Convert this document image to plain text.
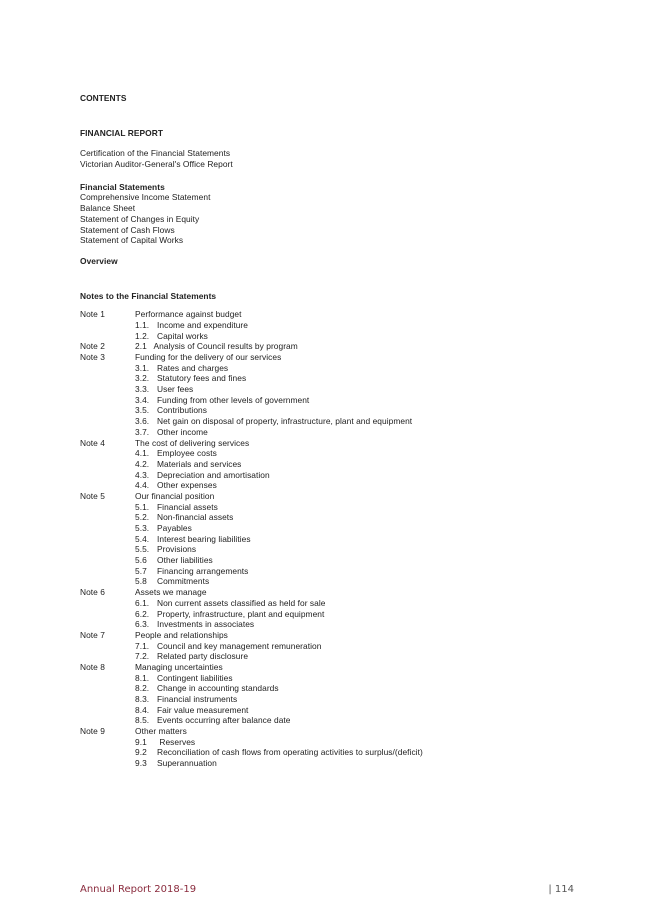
CONTENTS
FINANCIAL REPORT
Certification of the Financial Statements
Victorian Auditor-General's Office Report
Financial Statements
Comprehensive Income Statement
Balance Sheet
Statement of Changes in Equity
Statement of Cash Flows
Statement of Capital Works
Overview
Notes to the Financial Statements
Note 1	Performance against budget
1.1. Income and expenditure
1.2. Capital works
Note 2	2.1   Analysis of Council results by program
Note 3	Funding for the delivery of our services
3.1. Rates and charges
3.2. Statutory fees and fines
3.3. User fees
3.4. Funding from other levels of government
3.5. Contributions
3.6. Net gain on disposal of property, infrastructure, plant and equipment
3.7. Other income
Note 4	The cost of delivering services
4.1. Employee costs
4.2. Materials and services
4.3. Depreciation and amortisation
4.4. Other expenses
Note 5	Our financial position
5.1. Financial assets
5.2. Non-financial assets
5.3. Payables
5.4. Interest bearing liabilities
5.5. Provisions
5.6	Other liabilities
5.7	Financing arrangements
5.8	Commitments
Note 6	Assets we manage
6.1. Non current assets classified as held for sale
6.2. Property, infrastructure, plant and equipment
6.3. Investments in associates
Note 7	People and relationships
7.1. Council and key management remuneration
7.2. Related party disclosure
Note 8	Managing uncertainties
8.1. Contingent liabilities
8.2. Change in accounting standards
8.3. Financial instruments
8.4. Fair value measurement
8.5. Events occurring after balance date
Note 9	Other matters
9.1	Reserves
9.2	Reconciliation of cash flows from operating activities to surplus/(deficit)
9.3	Superannuation
Annual Report 2018-19	| 114
